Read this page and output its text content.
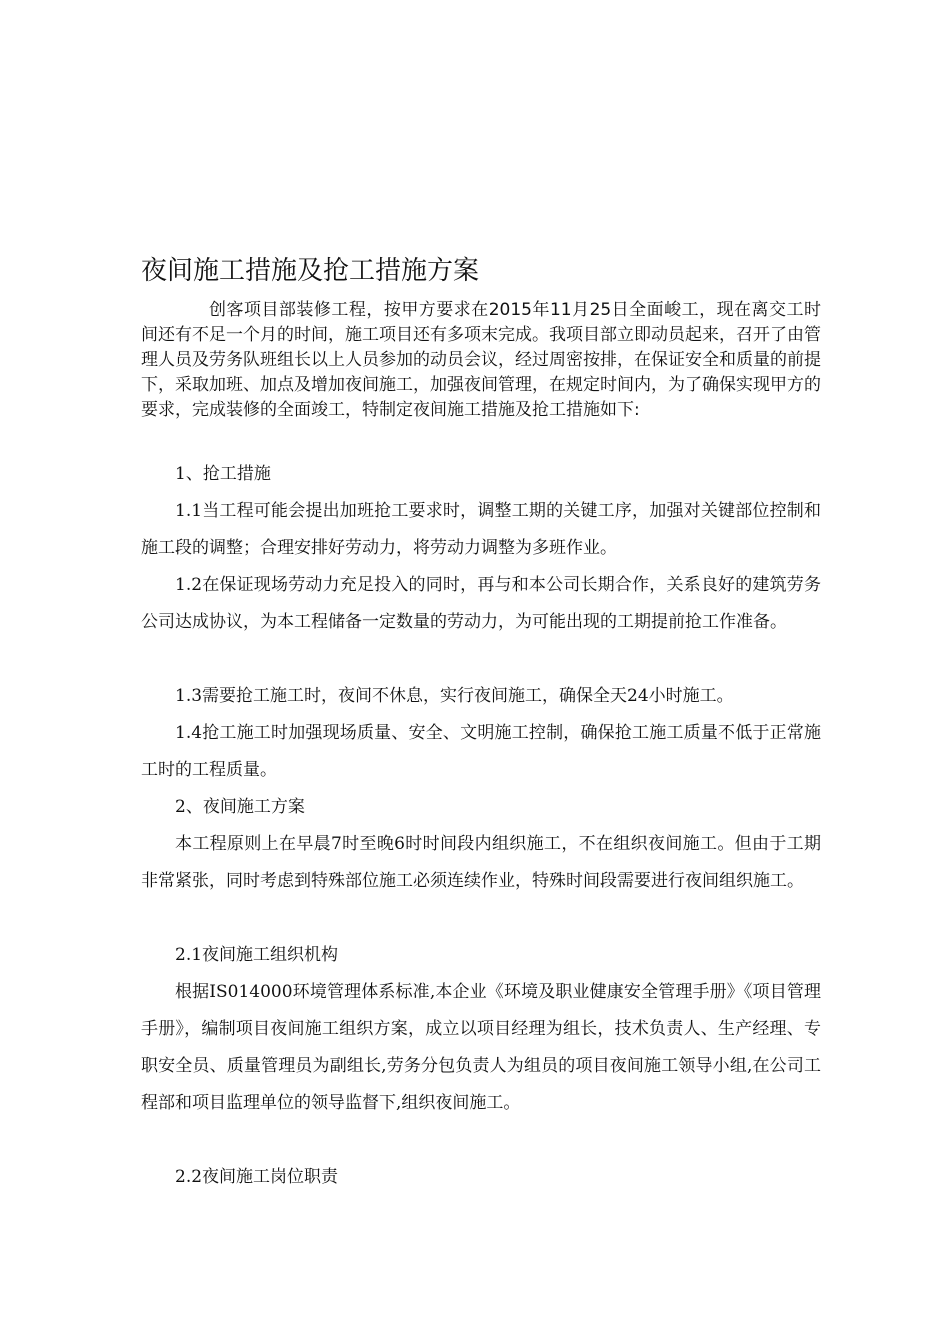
夜间施工措施及抢工措施方案

创客项目部装修工程，按甲方要求在2015年11月25日全面峻工，现在离交工时间还有不足一个月的时间，施工项目还有多项末完成。我项目部立即动员起来，召开了由管理人员及劳务队班组长以上人员参加的动员会议，经过周密按排，在保证安全和质量的前提下，采取加班、加点及增加夜间施工，加强夜间管理，在规定时间内，为了确保实现甲方的要求，完成装修的全面竣工，特制定夜间施工措施及抢工措施如下:

1、抢工措施

1.1当工程可能会提出加班抢工要求时，调整工期的关键工序，加强对关键部位控制和施工段的调整；合理安排好劳动力，将劳动力调整为多班作业。

1.2在保证现场劳动力充足投入的同时，再与和本公司长期合作，关系良好的建筑劳务公司达成协议，为本工程储备一定数量的劳动力，为可能出现的工期提前抢工作准备。

1.3需要抢工施工时，夜间不休息，实行夜间施工，确保全天24小时施工。

1.4抢工施工时加强现场质量、安全、文明施工控制，确保抢工施工质量不低于正常施工时的工程质量。

2、夜间施工方案

本工程原则上在早晨7时至晚6时时间段内组织施工，不在组织夜间施工。但由于工期非常紧张，同时考虑到特殊部位施工必须连续作业，特殊时间段需要进行夜间组织施工。

2.1夜间施工组织机构

根据IS014000环境管理体系标准,本企业《环境及职业健康安全管理手册》《项目管理手册》，编制项目夜间施工组织方案，成立以项目经理为组长，技术负责人、生产经理、专职安全员、质量管理员为副组长,劳务分包负责人为组员的项目夜间施工领导小组,在公司工程部和项目监理单位的领导监督下,组织夜间施工。

2.2夜间施工岗位职责
